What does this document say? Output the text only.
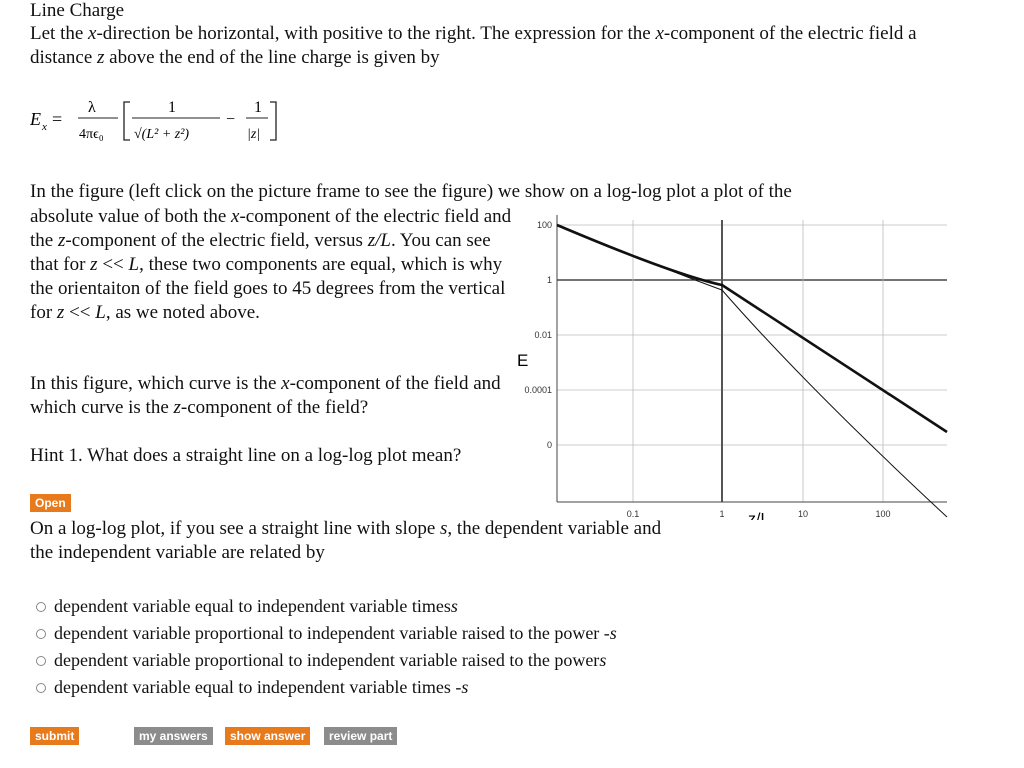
Line Charge
Let the x-direction be horizontal, with positive to the right. The expression for the x-component of the electric field a distance z above the end of the line charge is given by
E x =
λ
4πϵ₀
1
√(L² + z²)
−
1
|z|
In the figure (left click on the picture frame to see the figure) we show on a log-log plot a plot of the
absolute value of both the x-component of the electric field and the z-component of the electric field, versus z/L. You can see that for z << L, these two components are equal, which is why the orientaiton of the field goes to 45 degrees from the vertical for z << L, as we noted above.
In this figure, which curve is the x-component of the field and which curve is the z-component of the field?
Hint 1. What does a straight line on a log-log plot mean?
Open
On a log-log plot, if you see a straight line with slope s, the dependent variable and the independent variable are related by
dependent variable equal to independent variable times s
dependent variable proportional to independent variable raised to the power - s
dependent variable proportional to independent variable raised to the power s
dependent variable equal to independent variable times - s
submit	my answers	show answer	review part
100
1
0.01
0.0001
0
0.1	1	10	100
E
z/L
